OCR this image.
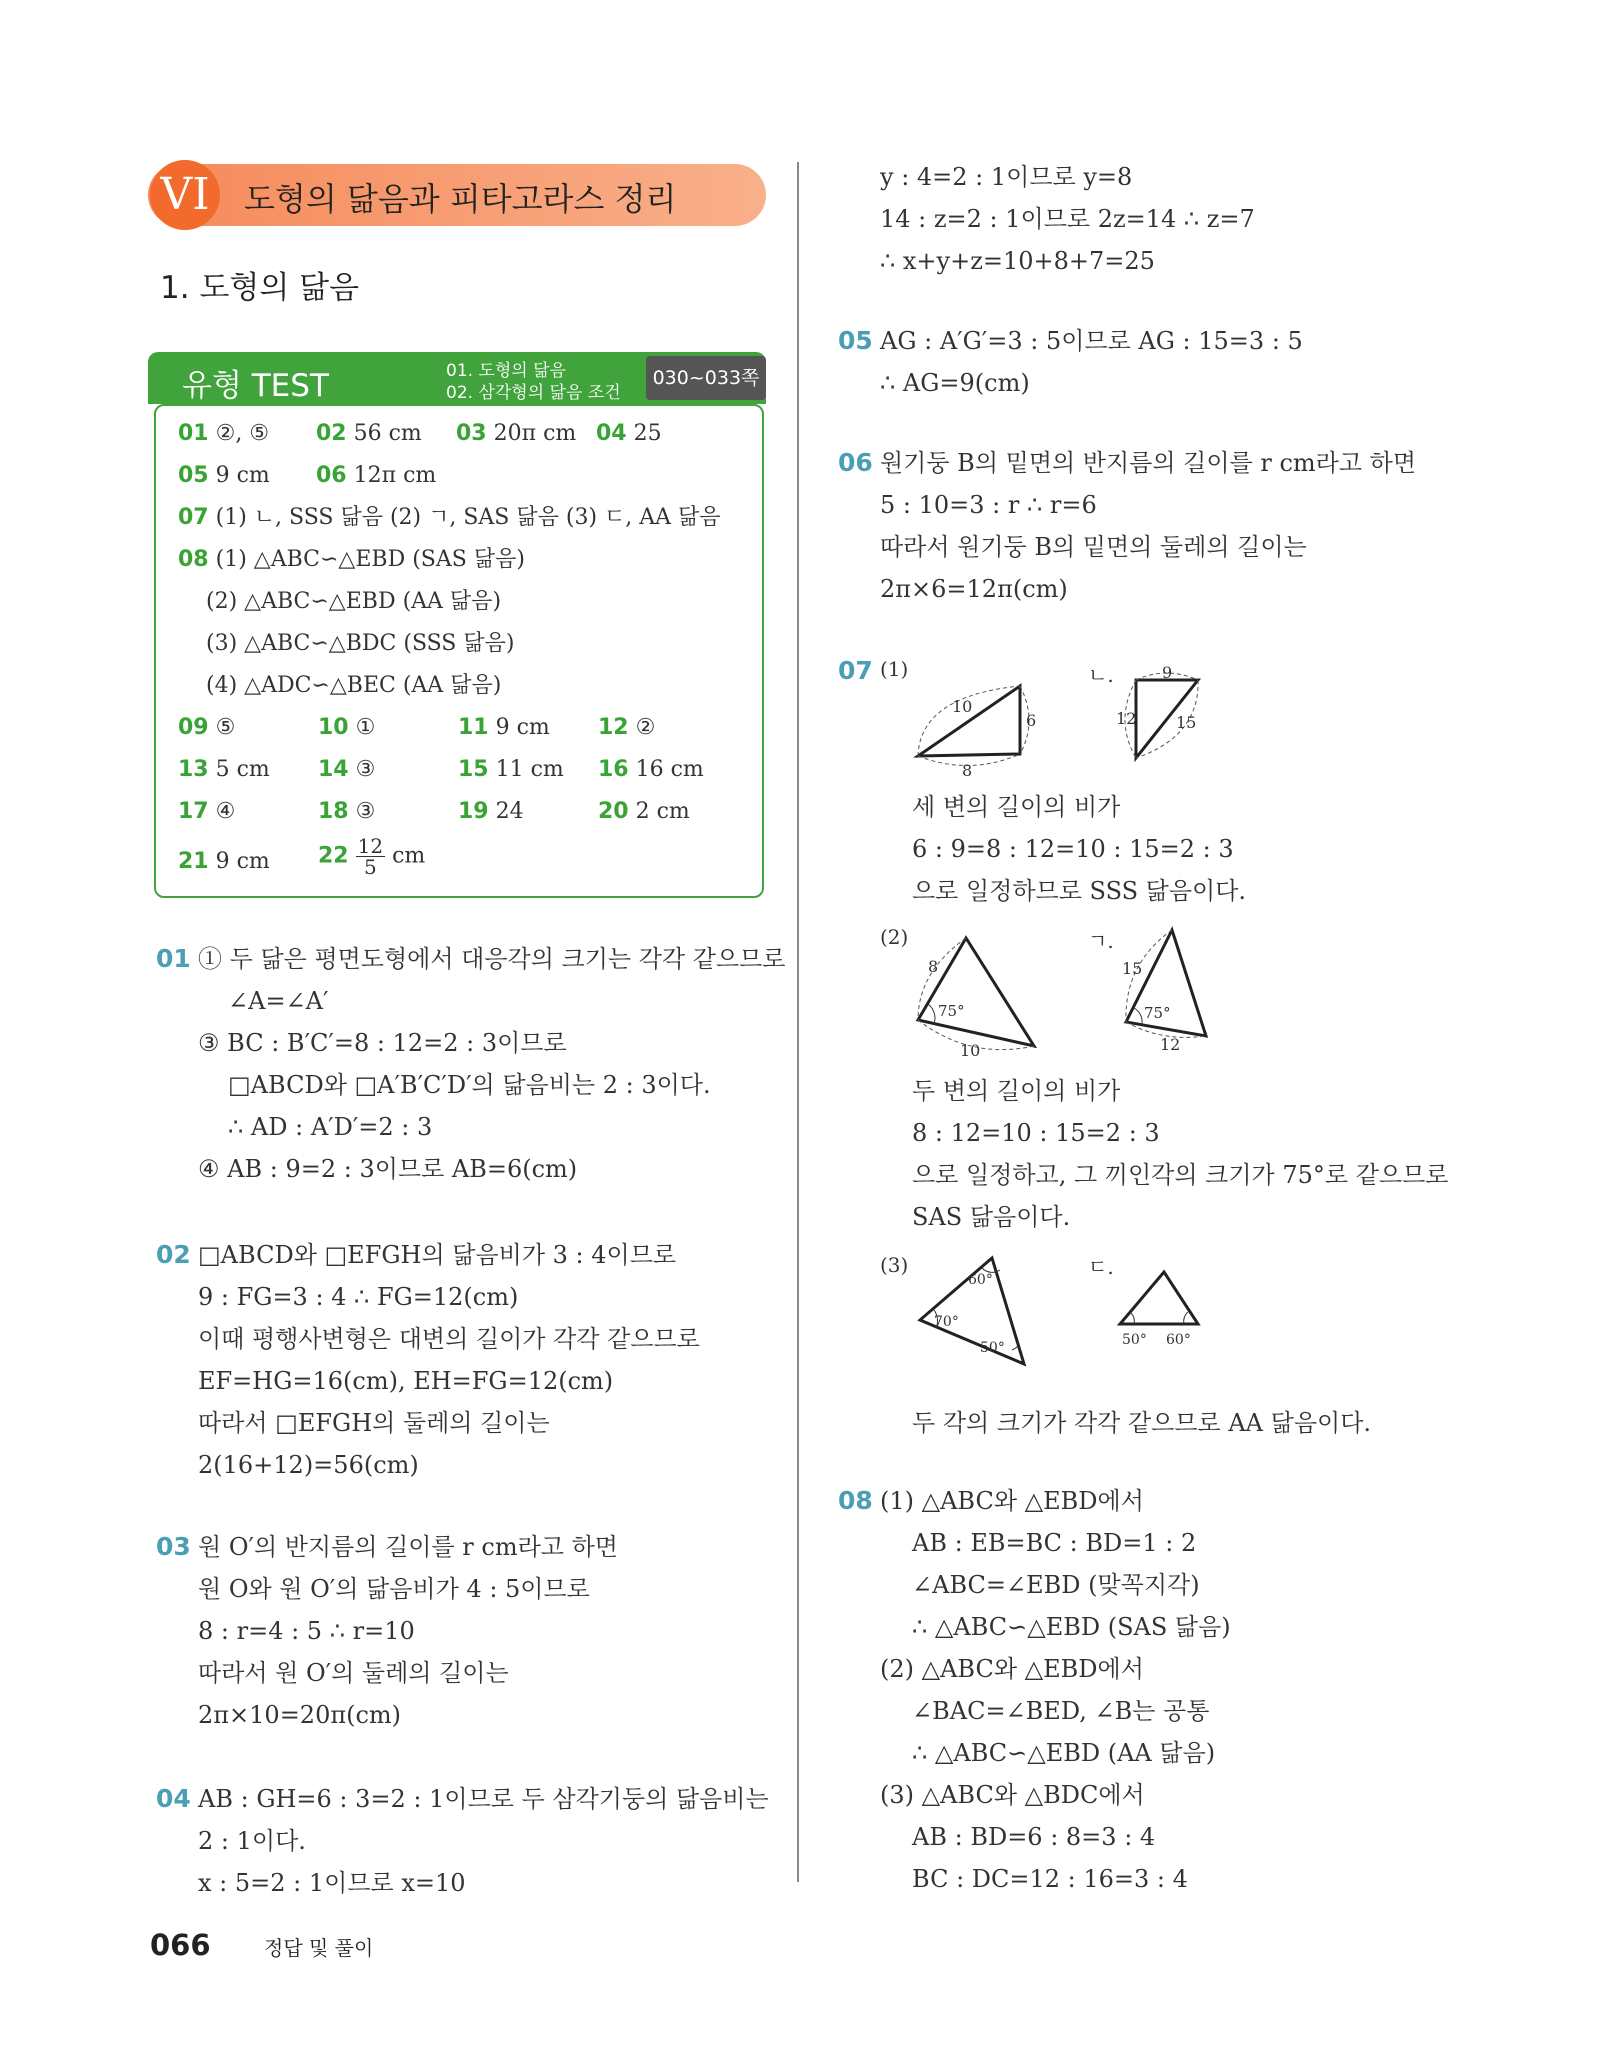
VI	도형의 닮음과 피타고라스 정리
1. 도형의 닮음
유형 TEST	01. 도형의 닮음
02. 삼각형의 닮음 조건
030~033쪽
01 ②, ⑤ 02 56 cm 03 20π cm 04 25
05 9 cm 06 12π cm
07 (1) ㄴ, SSS 닮음 (2) ㄱ, SAS 닮음 (3) ㄷ, AA 닮음
08 (1) △ABC∽△EBD (SAS 닮음)
(2) △ABC∽△EBD (AA 닮음)
(3) △ABC∽△BDC (SSS 닮음)
(4) △ADC∽△BEC (AA 닮음)
09 ⑤	10 ①	11 9 cm 12 ②
13 5 cm 14 ③	15 11 cm 16 16 cm
17 ④	18 ③	19 24	20 2 cm
21 9 cm $22 \frac{12}{5}$ cm
01 ① 두 닮은 평면도형에서 대응각의 크기는 각각 같으므로
∠A=∠A′
③ BC : B′C′=8 : 12=2 : 3이므로
□ABCD와 □A′B′C′D′의 닮음비는 2 : 3이다.
∴ AD : A′D′=2 : 3
④ AB : 9=2 : 3이므로 AB=6(cm)
02 □ABCD와 □EFGH의 닮음비가 3 : 4이므로
9 : FG=3 : 4 ∴ FG=12(cm)
이때 평행사변형은 대변의 길이가 각각 같으므로
EF=HG=16(cm), EH=FG=12(cm)
따라서 □EFGH의 둘레의 길이는
2(16+12)=56(cm)
03 원 O′의 반지름의 길이를 r cm라고 하면
원 O와 원 O′의 닮음비가 4 : 5이므로
8 : r=4 : 5 ∴ r=10
따라서 원 O′의 둘레의 길이는
2π×10=20π(cm)
04 AB : GH=6 : 3=2 : 1이므로 두 삼각기둥의 닮음비는
2 : 1이다.
x : 5=2 : 1이므로 x=10
y : 4=2 : 1이므로 y=8
14 : z=2 : 1이므로 2z=14 ∴ z=7
∴ x+y+z=10+8+7=25
05 AG : A′G′=3 : 5이므로 AG : 15=3 : 5
∴ AG=9(cm)
06 원기둥 B의 밑면의 반지름의 길이를 r cm라고 하면
5 : 10=3 : r ∴ r=6
따라서 원기둥 B의 밑면의 둘레의 길이는
2π×6=12π(cm)
07 (1)	ㄴ.
10
6
8
9
12 15
세 변의 길이의 비가
6 : 9=8 : 12=10 : 15=2 : 3
으로 일정하므로 SSS 닮음이다.
(2)	ㄱ.
8
75°
10
15
75°
12
두 변의 길이의 비가
8 : 12=10 : 15=2 : 3
으로 일정하고, 그 끼인각의 크기가 75°로 같으므로
SAS 닮음이다.
(3)	ㄷ.
60°
70°
50°	50° 60°
두 각의 크기가 각각 같으므로 AA 닮음이다.
08 (1) △ABC와 △EBD에서
AB : EB=BC : BD=1 : 2
∠ABC=∠EBD (맞꼭지각)
∴ △ABC∽△EBD (SAS 닮음)
(2) △ABC와 △EBD에서
∠BAC=∠BED, ∠B는 공통
∴ △ABC∽△EBD (AA 닮음)
(3) △ABC와 △BDC에서
AB : BD=6 : 8=3 : 4
BC : DC=12 : 16=3 : 4
066	정답 및 풀이
